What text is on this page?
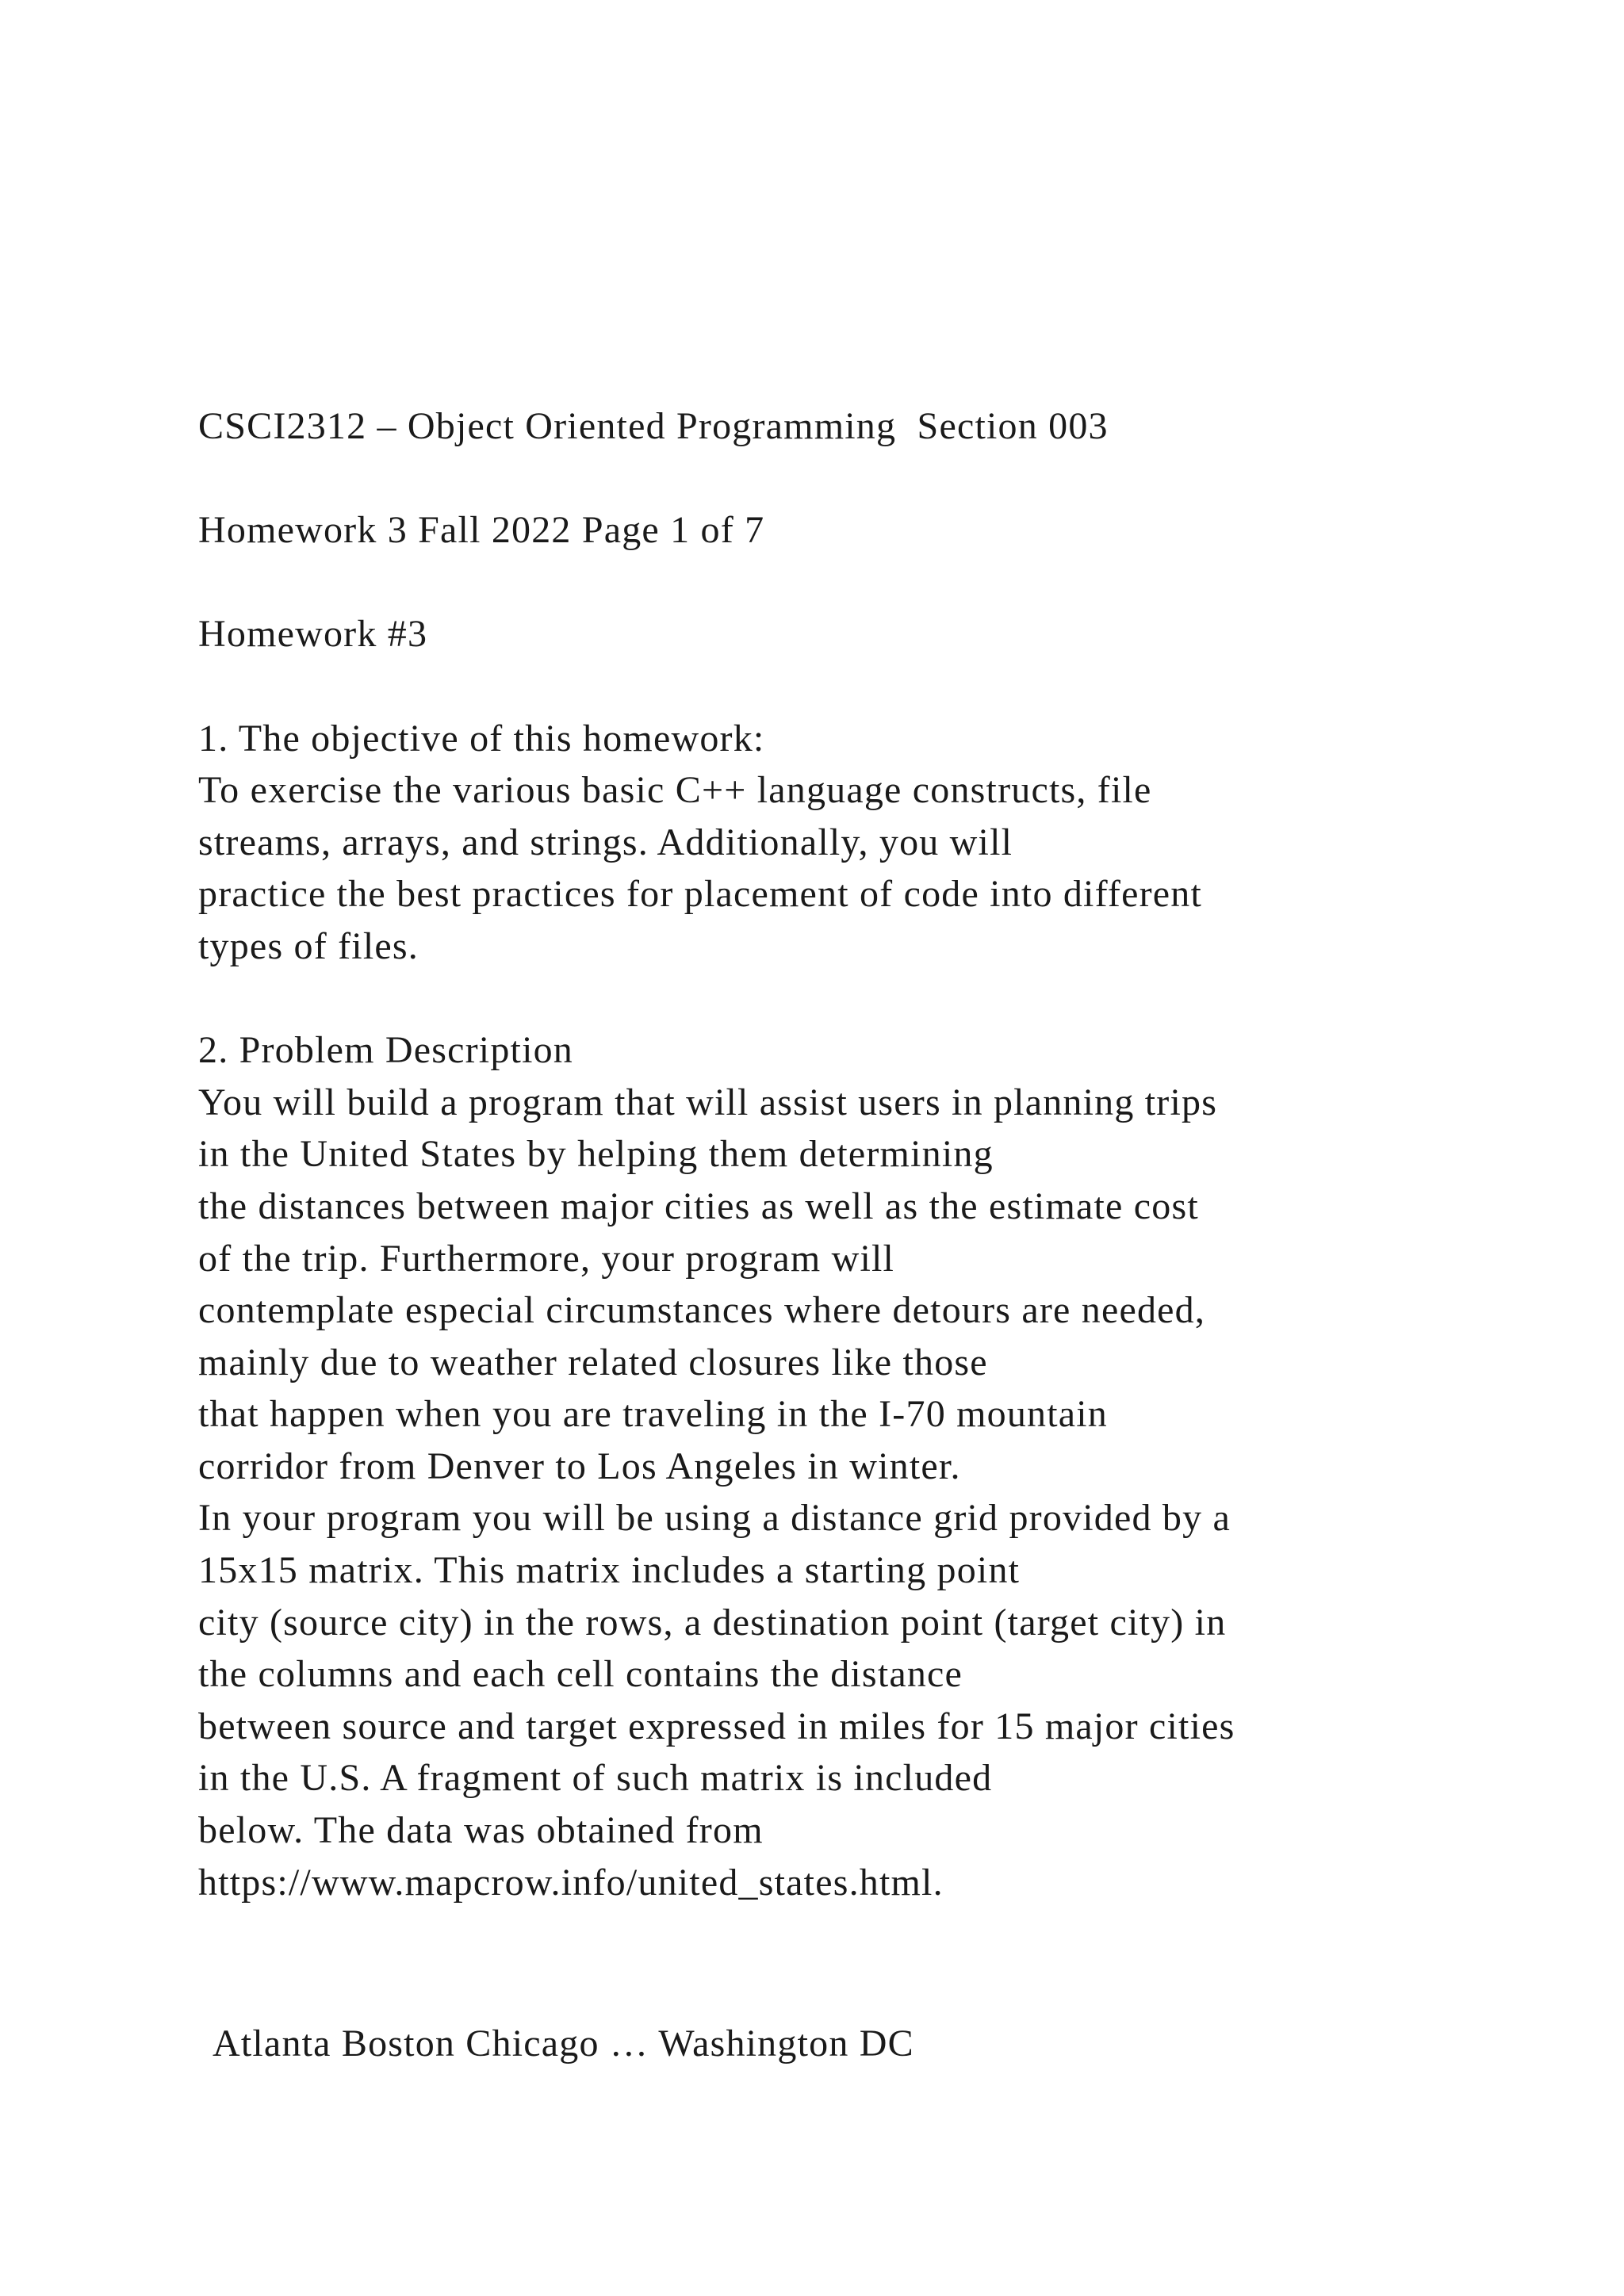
CSCI2312 – Object Oriented Programming  Section 003
Homework 3 Fall 2022 Page 1 of 7
Homework #3
1. The objective of this homework:
To exercise the various basic C++ language constructs, file
streams, arrays, and strings. Additionally, you will
practice the best practices for placement of code into different
types of files.
2. Problem Description
You will build a program that will assist users in planning trips
in the United States by helping them determining
the distances between major cities as well as the estimate cost
of the trip. Furthermore, your program will
contemplate especial circumstances where detours are needed,
mainly due to weather related closures like those
that happen when you are traveling in the I-70 mountain
corridor from Denver to Los Angeles in winter.
In your program you will be using a distance grid provided by a
15x15 matrix. This matrix includes a starting point
city (source city) in the rows, a destination point (target city) in
the columns and each cell contains the distance
between source and target expressed in miles for 15 major cities
in the U.S. A fragment of such matrix is included
below. The data was obtained from
https://www.mapcrow.info/united_states.html.
Atlanta Boston Chicago … Washington DC
